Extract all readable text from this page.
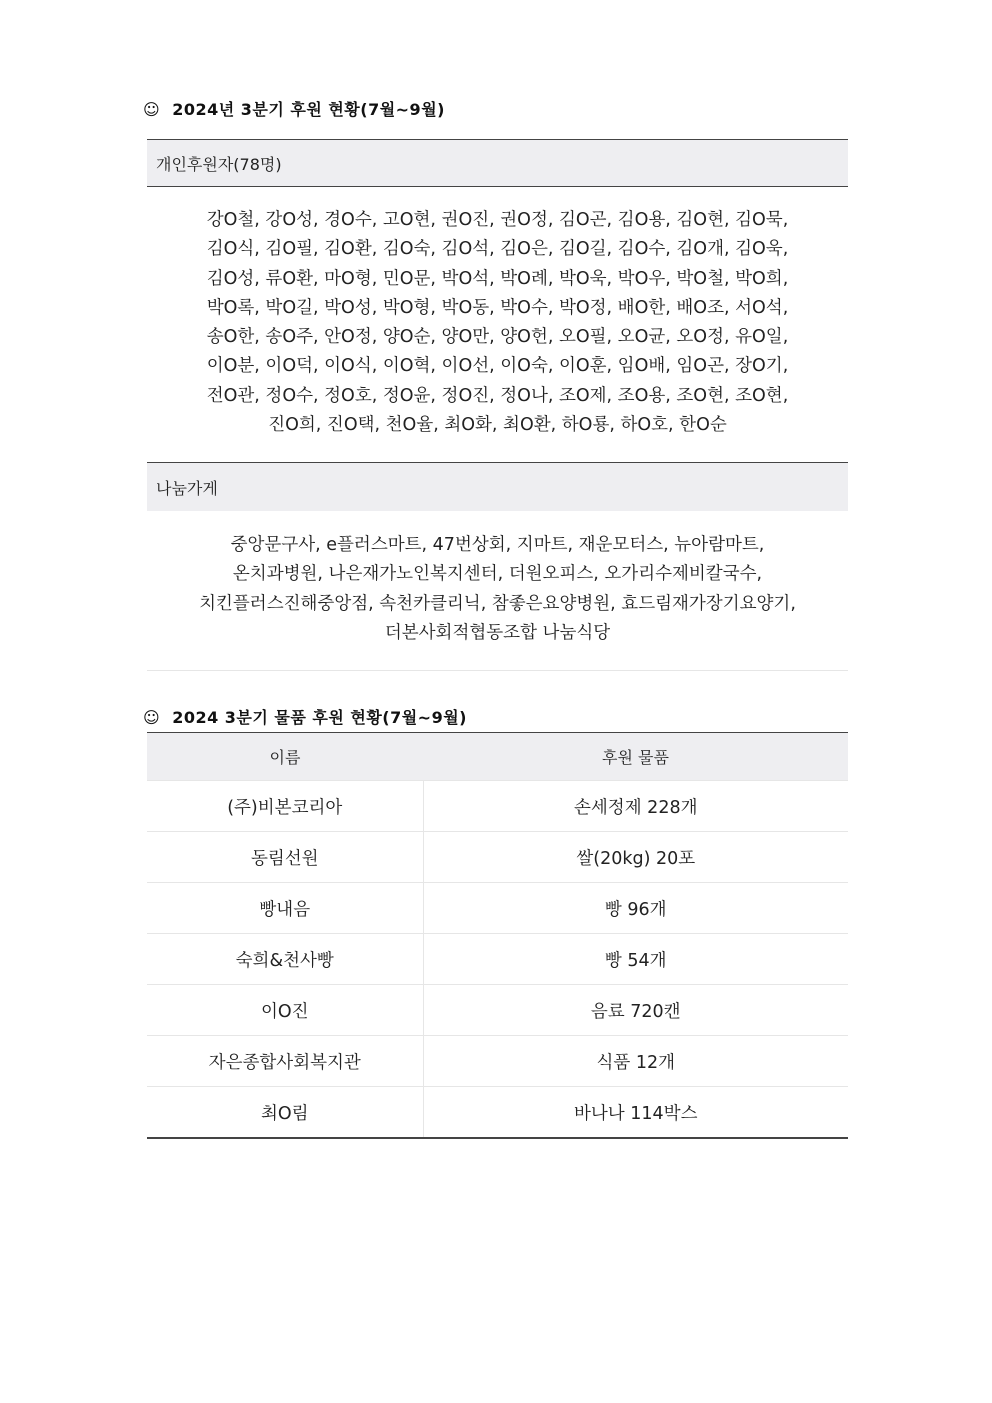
☺ 2024년 3분기 후원 현황(7월~9월)
개인후원자(78명)
강O철, 강O성, 경O수, 고O현, 권O진, 권O정, 김O곤, 김O용, 김O현, 김O묵,
김O식, 김O필, 김O환, 김O숙, 김O석, 김O은, 김O길, 김O수, 김O개, 김O욱,
김O성, 류O환, 마O형, 민O문, 박O석, 박O례, 박O욱, 박O우, 박O철, 박O희,
박O록, 박O길, 박O성, 박O형, 박O동, 박O수, 박O정, 배O한, 배O조, 서O석,
송O한, 송O주, 안O정, 양O순, 양O만, 양O헌, 오O필, 오O균, 오O정, 유O일,
이O분, 이O덕, 이O식, 이O혁, 이O선, 이O숙, 이O훈, 임O배, 임O곤, 장O기,
전O관, 정O수, 정O호, 정O윤, 정O진, 정O나, 조O제, 조O용, 조O현, 조O현,
진O희, 진O택, 천O율, 최O화, 최O환, 하O룡, 하O호, 한O순
나눔가게
중앙문구사, e플러스마트, 47번상회, 지마트, 재운모터스, 뉴아람마트,
온치과병원, 나은재가노인복지센터, 더원오피스, 오가리수제비칼국수,
치킨플러스진해중앙점, 속천카클리닉, 참좋은요양병원, 효드림재가장기요양기,
더본사회적협동조합 나눔식당
☺ 2024 3분기 물품 후원 현황(7월~9월)
이름	후원 물품
(주)비본코리아	손세정제 228개
동림선원	쌀(20kg) 20포
빵내음	빵 96개
숙희&천사빵	빵 54개
이O진	음료 720캔
자은종합사회복지관	식품 12개
최O림	바나나 114박스
